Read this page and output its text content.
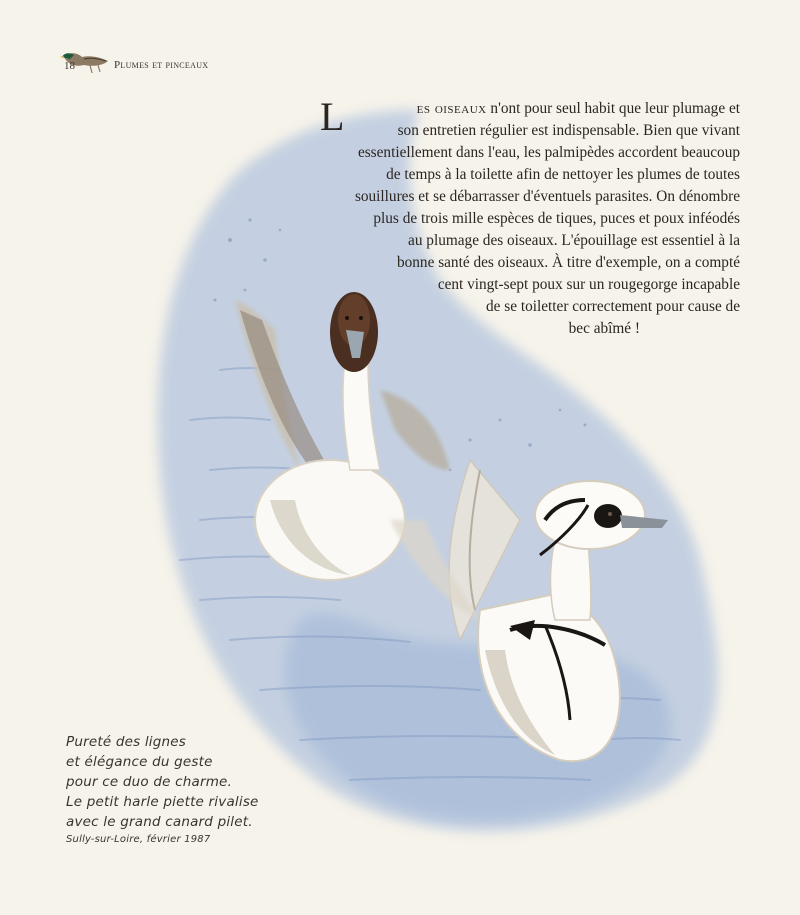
18	Plumes et pinceaux
L	es oiseaux n'ont pour seul habit que leur plumage et
son entretien régulier est indispensable. Bien que vivant
essentiellement dans l'eau, les palmipèdes accordent beaucoup
de temps à la toilette afin de nettoyer les plumes de toutes
souillures et se débarrasser d'éventuels parasites. On dénombre
plus de trois mille espèces de tiques, puces et poux inféodés
au plumage des oiseaux. L'épouillage est essentiel à la
bonne santé des oiseaux. À titre d'exemple, on a compté
cent vingt-sept poux sur un rougegorge incapable
de se toiletter correctement pour cause de
bec abîmé !
Pureté des lignes
et élégance du geste
pour ce duo de charme.
Le petit harle piette rivalise
avec le grand canard pilet.
Sully-sur-Loire, février 1987
